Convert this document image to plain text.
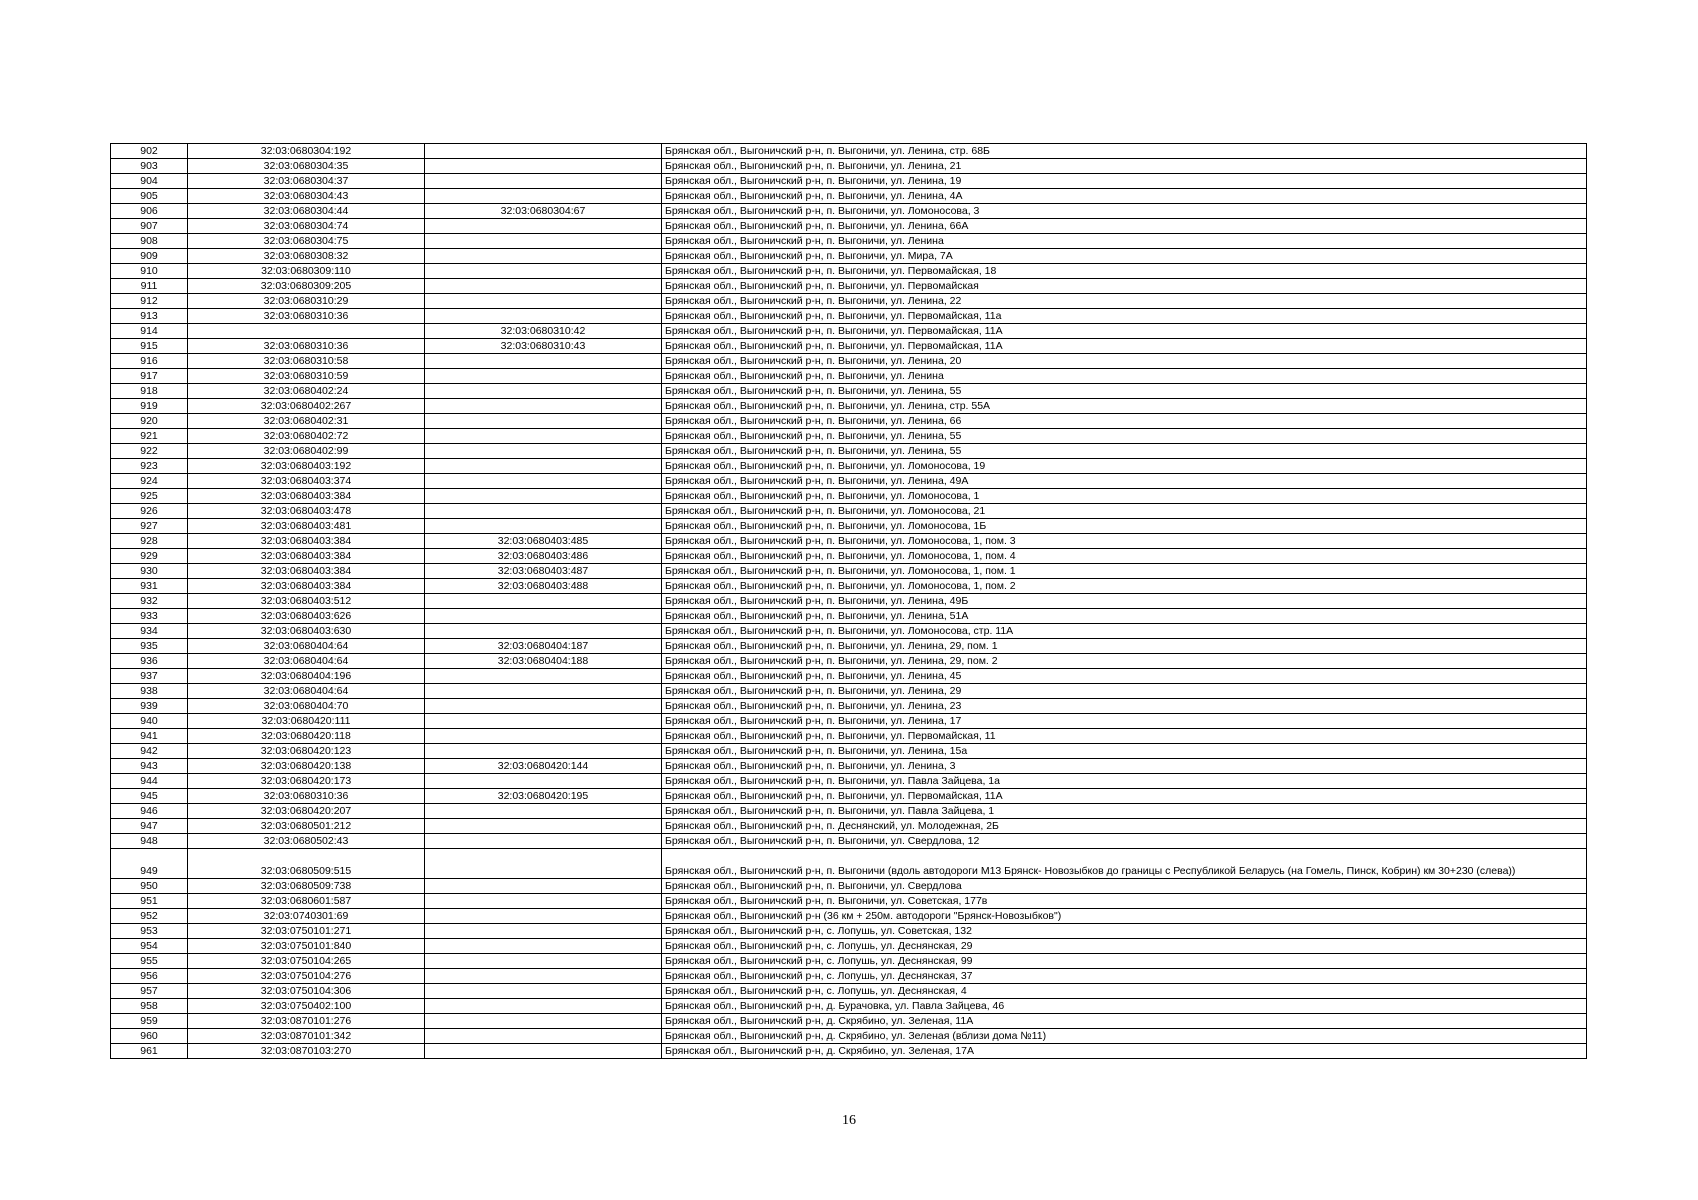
902	32:03:0680304:192		Брянская обл., Выгоничский р-н, п. Выгоничи, ул. Ленина, стр. 68Б
903	32:03:0680304:35		Брянская обл., Выгоничский р-н, п. Выгоничи, ул. Ленина, 21
904	32:03:0680304:37		Брянская обл., Выгоничский р-н, п. Выгоничи, ул. Ленина, 19
905	32:03:0680304:43		Брянская обл., Выгоничский р-н, п. Выгоничи, ул. Ленина, 4А
906	32:03:0680304:44	32:03:0680304:67	Брянская обл., Выгоничский р-н, п. Выгоничи, ул. Ломоносова, 3
907	32:03:0680304:74		Брянская обл., Выгоничский р-н, п. Выгоничи, ул. Ленина, 66А
908	32:03:0680304:75		Брянская обл., Выгоничский р-н, п. Выгоничи, ул. Ленина
909	32:03:0680308:32		Брянская обл., Выгоничский р-н, п. Выгоничи, ул. Мира, 7А
910	32:03:0680309:110		Брянская обл., Выгоничский р-н, п. Выгоничи, ул. Первомайская, 18
911	32:03:0680309:205		Брянская обл., Выгоничский р-н, п. Выгоничи, ул. Первомайская
912	32:03:0680310:29		Брянская обл., Выгоничский р-н, п. Выгоничи, ул. Ленина, 22
913	32:03:0680310:36		Брянская обл., Выгоничский р-н, п. Выгоничи, ул. Первомайская, 11а
914		32:03:0680310:42	Брянская обл., Выгоничский р-н, п. Выгоничи, ул. Первомайская, 11А
915	32:03:0680310:36	32:03:0680310:43	Брянская обл., Выгоничский р-н, п. Выгоничи, ул. Первомайская, 11А
916	32:03:0680310:58		Брянская обл., Выгоничский р-н, п. Выгоничи, ул. Ленина, 20
917	32:03:0680310:59		Брянская обл., Выгоничский р-н, п. Выгоничи, ул. Ленина
918	32:03:0680402:24		Брянская обл., Выгоничский р-н, п. Выгоничи, ул. Ленина, 55
919	32:03:0680402:267		Брянская обл., Выгоничский р-н, п. Выгоничи, ул. Ленина, стр. 55А
920	32:03:0680402:31		Брянская обл., Выгоничский р-н, п. Выгоничи, ул. Ленина, 66
921	32:03:0680402:72		Брянская обл., Выгоничский р-н, п. Выгоничи, ул. Ленина, 55
922	32:03:0680402:99		Брянская обл., Выгоничский р-н, п. Выгоничи, ул. Ленина, 55
923	32:03:0680403:192		Брянская обл., Выгоничский р-н, п. Выгоничи, ул. Ломоносова, 19
924	32:03:0680403:374		Брянская обл., Выгоничский р-н, п. Выгоничи, ул. Ленина, 49А
925	32:03:0680403:384		Брянская обл., Выгоничский р-н, п. Выгоничи, ул. Ломоносова, 1
926	32:03:0680403:478		Брянская обл., Выгоничский р-н, п. Выгоничи, ул. Ломоносова, 21
927	32:03:0680403:481		Брянская обл., Выгоничский р-н, п. Выгоничи, ул. Ломоносова, 1Б
928	32:03:0680403:384	32:03:0680403:485	Брянская обл., Выгоничский р-н, п. Выгоничи, ул. Ломоносова, 1, пом. 3
929	32:03:0680403:384	32:03:0680403:486	Брянская обл., Выгоничский р-н, п. Выгоничи, ул. Ломоносова, 1, пом. 4
930	32:03:0680403:384	32:03:0680403:487	Брянская обл., Выгоничский р-н, п. Выгоничи, ул. Ломоносова, 1, пом. 1
931	32:03:0680403:384	32:03:0680403:488	Брянская обл., Выгоничский р-н, п. Выгоничи, ул. Ломоносова, 1, пом. 2
932	32:03:0680403:512		Брянская обл., Выгоничский р-н, п. Выгоничи, ул. Ленина, 49Б
933	32:03:0680403:626		Брянская обл., Выгоничский р-н, п. Выгоничи, ул. Ленина, 51А
934	32:03:0680403:630		Брянская обл., Выгоничский р-н, п. Выгоничи, ул. Ломоносова, стр. 11А
935	32:03:0680404:64	32:03:0680404:187	Брянская обл., Выгоничский р-н, п. Выгоничи, ул. Ленина, 29, пом. 1
936	32:03:0680404:64	32:03:0680404:188	Брянская обл., Выгоничский р-н, п. Выгоничи, ул. Ленина, 29, пом. 2
937	32:03:0680404:196		Брянская обл., Выгоничский р-н, п. Выгоничи, ул. Ленина, 45
938	32:03:0680404:64		Брянская обл., Выгоничский р-н, п. Выгоничи, ул. Ленина, 29
939	32:03:0680404:70		Брянская обл., Выгоничский р-н, п. Выгоничи, ул. Ленина, 23
940	32:03:0680420:111		Брянская обл., Выгоничский р-н, п. Выгоничи, ул. Ленина, 17
941	32:03:0680420:118		Брянская обл., Выгоничский р-н, п. Выгоничи, ул. Первомайская, 11
942	32:03:0680420:123		Брянская обл., Выгоничский р-н, п. Выгоничи, ул. Ленина, 15а
943	32:03:0680420:138	32:03:0680420:144	Брянская обл., Выгоничский р-н, п. Выгоничи, ул. Ленина, 3
944	32:03:0680420:173		Брянская обл., Выгоничский р-н, п. Выгоничи, ул. Павла Зайцева, 1а
945	32:03:0680310:36	32:03:0680420:195	Брянская обл., Выгоничский р-н, п. Выгоничи, ул. Первомайская, 11А
946	32:03:0680420:207		Брянская обл., Выгоничский р-н, п. Выгоничи, ул. Павла Зайцева, 1
947	32:03:0680501:212		Брянская обл., Выгоничский р-н, п. Деснянский, ул. Молодежная, 2Б
948	32:03:0680502:43		Брянская обл., Выгоничский р-н, п. Выгоничи, ул. Свердлова, 12
949	32:03:0680509:515		Брянская обл., Выгоничский р-н, п. Выгоничи (вдоль автодороги М13 Брянск- Новозыбков до границы с Республикой Беларусь (на Гомель, Пинск, Кобрин) км 30+230 (слева))
950	32:03:0680509:738		Брянская обл., Выгоничский р-н, п. Выгоничи, ул. Свердлова
951	32:03:0680601:587		Брянская обл., Выгоничский р-н, п. Выгоничи, ул. Советская, 177в
952	32:03:0740301:69		Брянская обл., Выгоничский р-н (36 км + 250м. автодороги "Брянск-Новозыбков")
953	32:03:0750101:271		Брянская обл., Выгоничский р-н, с. Лопушь, ул. Советская, 132
954	32:03:0750101:840		Брянская обл., Выгоничский р-н, с. Лопушь, ул. Деснянская, 29
955	32:03:0750104:265		Брянская обл., Выгоничский р-н, с. Лопушь, ул. Деснянская, 99
956	32:03:0750104:276		Брянская обл., Выгоничский р-н, с. Лопушь, ул. Деснянская, 37
957	32:03:0750104:306		Брянская обл., Выгоничский р-н, с. Лопушь, ул. Деснянская, 4
958	32:03:0750402:100		Брянская обл., Выгоничский р-н, д. Бурачовка, ул. Павла Зайцева, 46
959	32:03:0870101:276		Брянская обл., Выгоничский р-н, д. Скрябино, ул. Зеленая, 11А
960	32:03:0870101:342		Брянская обл., Выгоничский р-н, д. Скрябино, ул. Зеленая (вблизи дома №11)
961	32:03:0870103:270		Брянская обл., Выгоничский р-н, д. Скрябино, ул. Зеленая, 17А
16
